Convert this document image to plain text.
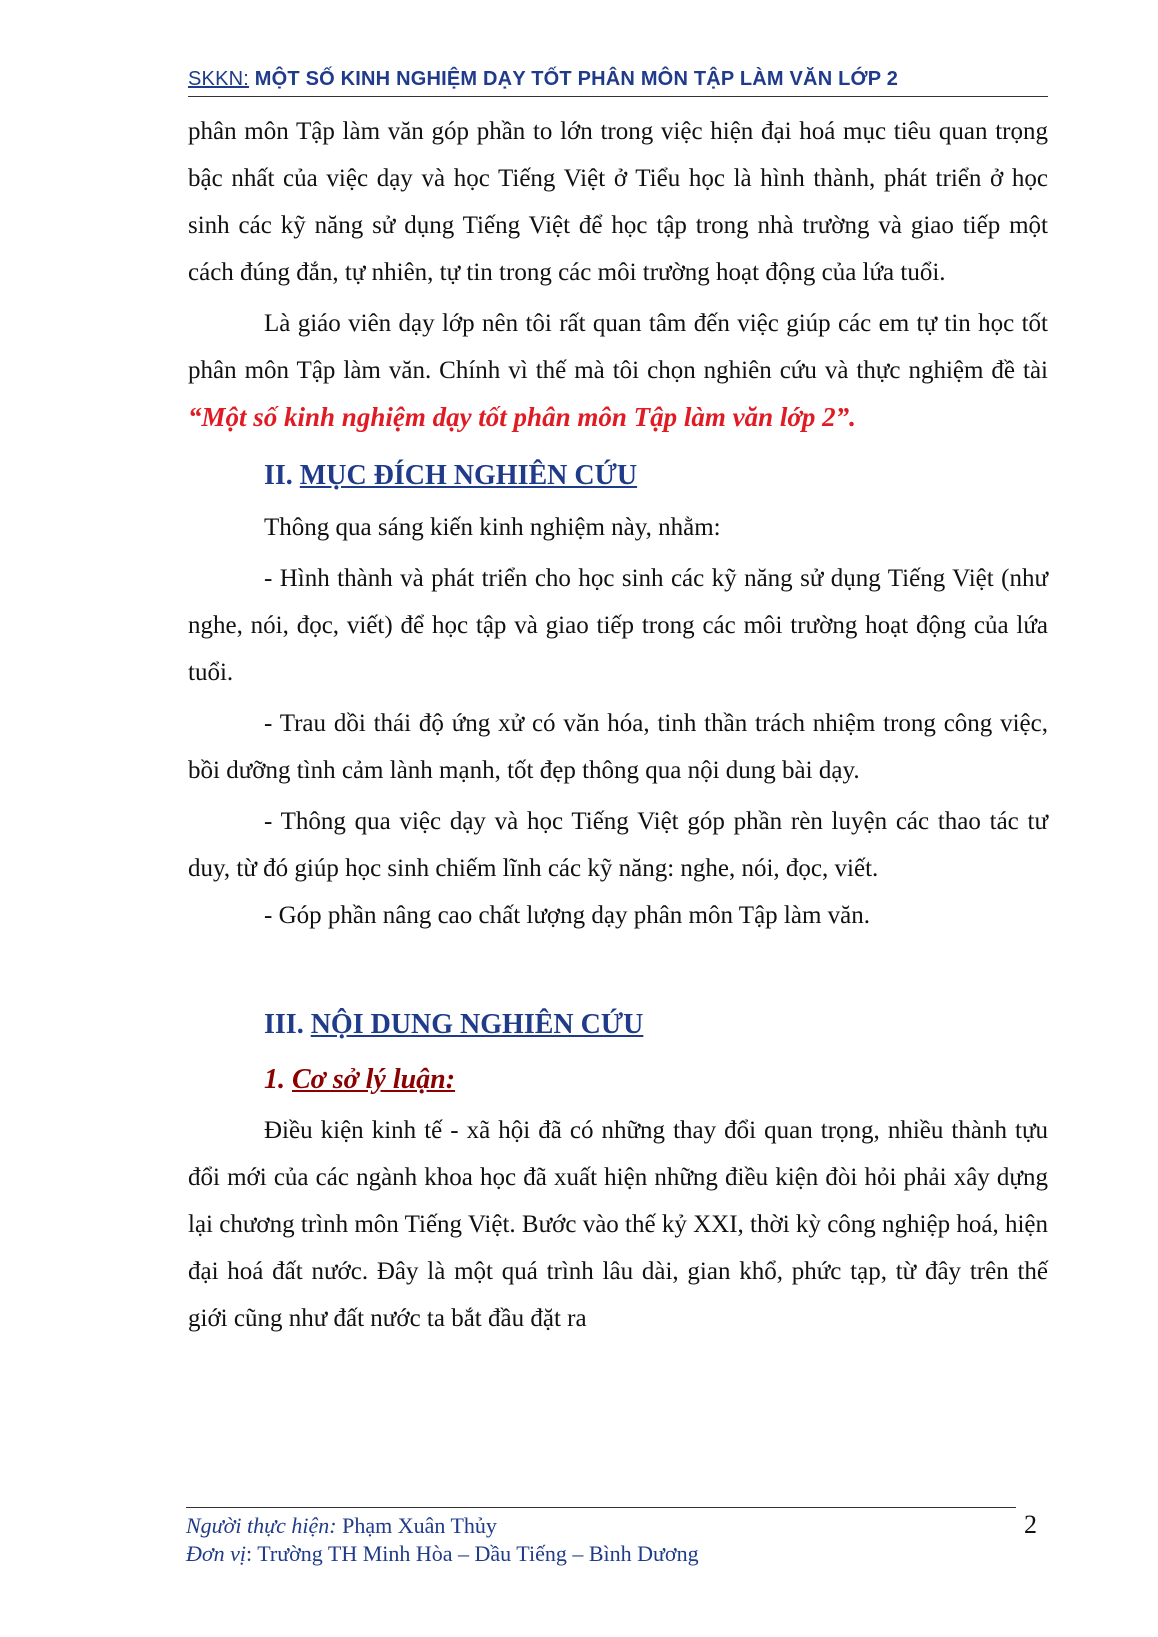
SKKN: MỘT SỐ KINH NGHIỆM DẠY TỐT PHÂN MÔN TẬP LÀM VĂN LỚP 2

phân môn Tập làm văn góp phần to lớn trong việc hiện đại hoá mục tiêu quan trọng bậc nhất của việc dạy và học Tiếng Việt ở Tiểu học là hình thành, phát triển ở học sinh các kỹ năng sử dụng Tiếng Việt để học tập trong nhà trường và giao tiếp một cách đúng đắn, tự nhiên, tự tin trong các môi trường hoạt động của lứa tuổi.

Là giáo viên dạy lớp nên tôi rất quan tâm đến việc giúp các em tự tin học tốt phân môn Tập làm văn. Chính vì thế mà tôi chọn nghiên cứu và thực nghiệm đề tài “Một số kinh nghiệm dạy tốt phân môn Tập làm văn lớp 2”.

II. MỤC ĐÍCH NGHIÊN CỨU

Thông qua sáng kiến kinh nghiệm này, nhằm:

- Hình thành và phát triển cho học sinh các kỹ năng sử dụng Tiếng Việt (như nghe, nói, đọc, viết) để học tập và giao tiếp trong các môi trường hoạt động của lứa tuổi.

- Trau dồi thái độ ứng xử có văn hóa, tinh thần trách nhiệm trong công việc, bồi dưỡng tình cảm lành mạnh, tốt đẹp thông qua nội dung bài dạy.

- Thông qua việc dạy và học Tiếng Việt góp phần rèn luyện các thao tác tư duy, từ đó giúp học sinh chiếm lĩnh các kỹ năng: nghe, nói, đọc, viết.

- Góp phần nâng cao chất lượng dạy phân môn Tập làm văn.

III. NỘI DUNG NGHIÊN CỨU
1. Cơ sở lý luận:

Điều kiện kinh tế - xã hội đã có những thay đổi quan trọng, nhiều thành tựu đổi mới của các ngành khoa học đã xuất hiện những điều kiện đòi hỏi phải xây dựng lại chương trình môn Tiếng Việt. Bước vào thế kỷ XXI, thời kỳ công nghiệp hoá, hiện đại hoá đất nước. Đây là một quá trình lâu dài, gian khổ, phức tạp, từ đây trên thế giới cũng như đất nước ta bắt đầu đặt ra

Người thực hiện: Phạm Xuân Thủy
Đơn vị: Trường TH Minh Hòa – Dầu Tiếng – Bình Dương
2
